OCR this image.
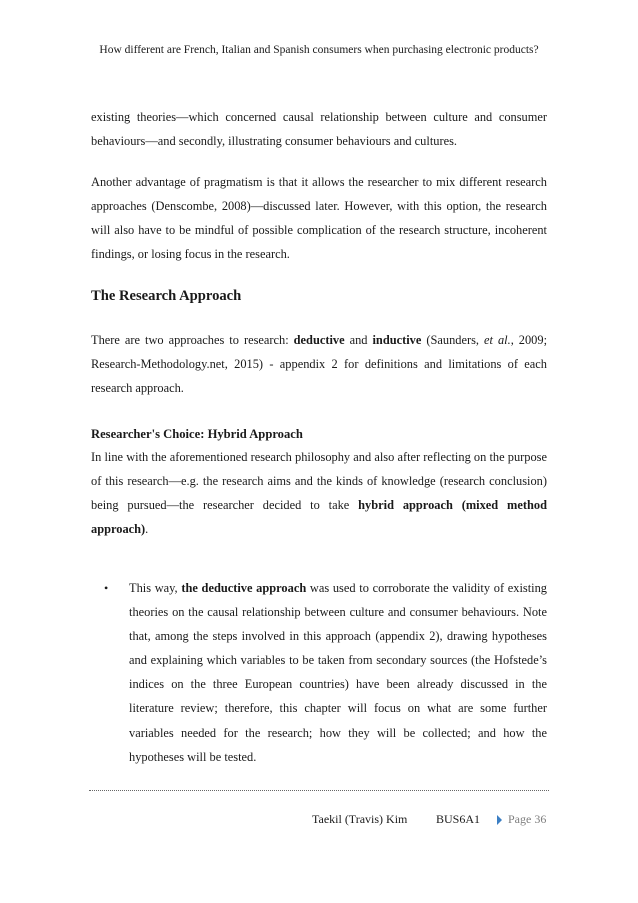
How different are French, Italian and Spanish consumers when purchasing electronic products?

existing theories—which concerned causal relationship between culture and consumer behaviours—and secondly, illustrating consumer behaviours and cultures.

Another advantage of pragmatism is that it allows the researcher to mix different research approaches (Denscombe, 2008)—discussed later. However, with this option, the research will also have to be mindful of possible complication of the research structure, incoherent findings, or losing focus in the research.

The Research Approach

There are two approaches to research: deductive and inductive (Saunders, et al., 2009; Research-Methodology.net, 2015) - appendix 2 for definitions and limitations of each research approach.

Researcher's Choice: Hybrid Approach

In line with the aforementioned research philosophy and also after reflecting on the purpose of this research—e.g. the research aims and the kinds of knowledge (research conclusion) being pursued—the researcher decided to take hybrid approach (mixed method approach).

• This way, the deductive approach was used to corroborate the validity of existing theories on the causal relationship between culture and consumer behaviours. Note that, among the steps involved in this approach (appendix 2), drawing hypotheses and explaining which variables to be taken from secondary sources (the Hofstede’s indices on the three European countries) have been already discussed in the literature review; therefore, this chapter will focus on what are some further variables needed for the research; how they will be collected; and how the hypotheses will be tested.

Taekil (Travis) Kim BUS6A1 Page 36
